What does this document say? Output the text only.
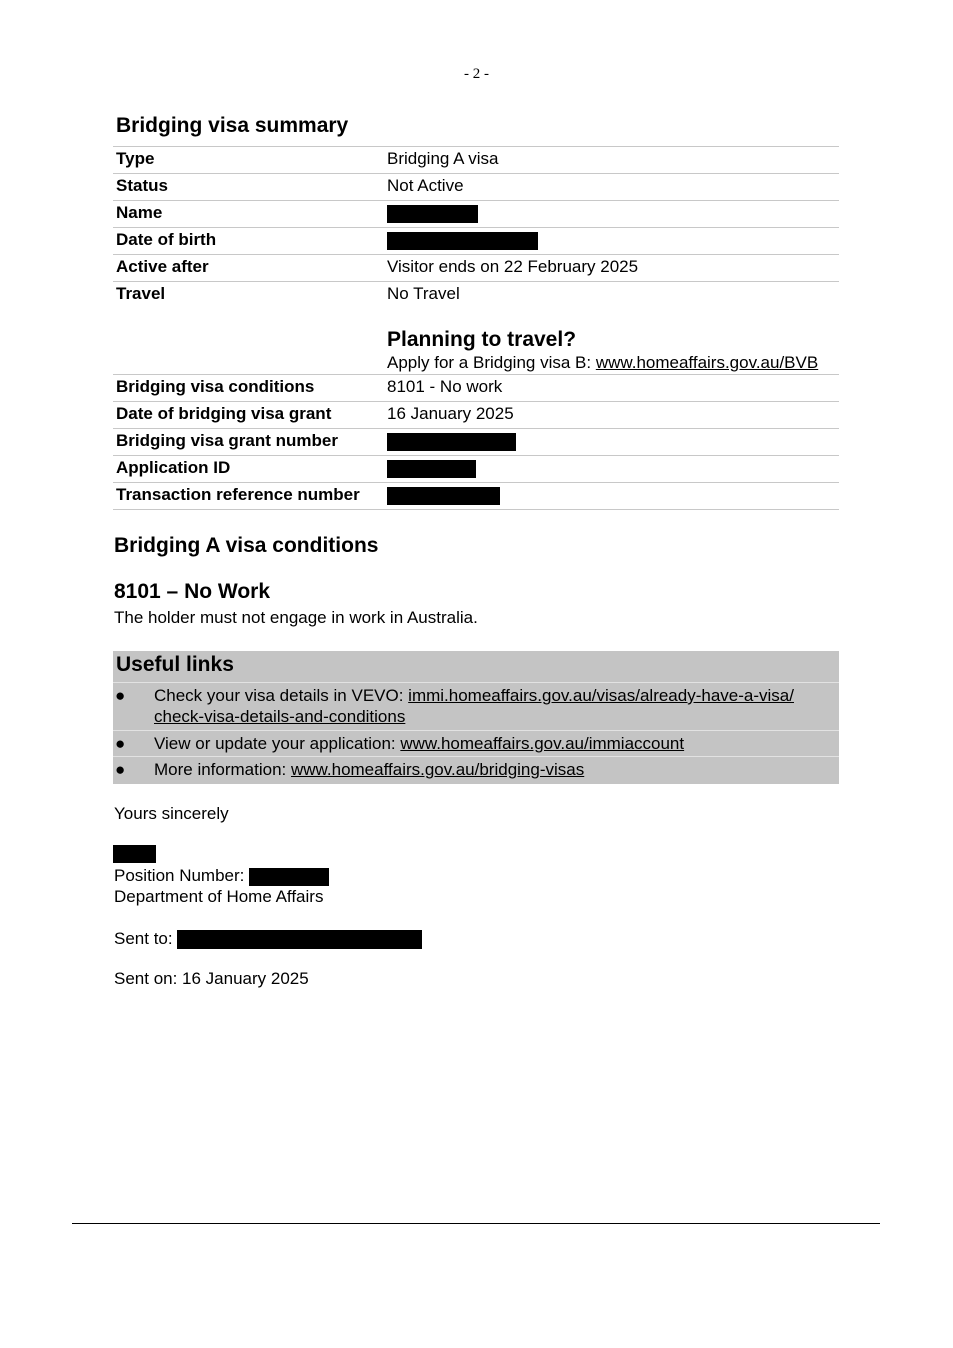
- 2 -
Bridging visa summary
Type	Bridging A visa
Status	Not Active
Name
Date of birth
Active after	Visitor ends on 22 February 2025
Travel	No Travel
Planning to travel?
Apply for a Bridging visa B: www.homeaffairs.gov.au/BVB
Bridging visa conditions	8101 - No work
Date of bridging visa grant	16 January 2025
Bridging visa grant number
Application ID
Transaction reference number
Bridging A visa conditions
8101 – No Work
The holder must not engage in work in Australia.
Useful links
● Check your visa details in VEVO: immi.homeaffairs.gov.au/visas/already-have-a-visa/
check-visa-details-and-conditions
● View or update your application: www.homeaffairs.gov.au/immiaccount
● More information: www.homeaffairs.gov.au/bridging-visas
Yours sincerely
Position Number:
Department of Home Affairs
Sent to:
Sent on: 16 January 2025
